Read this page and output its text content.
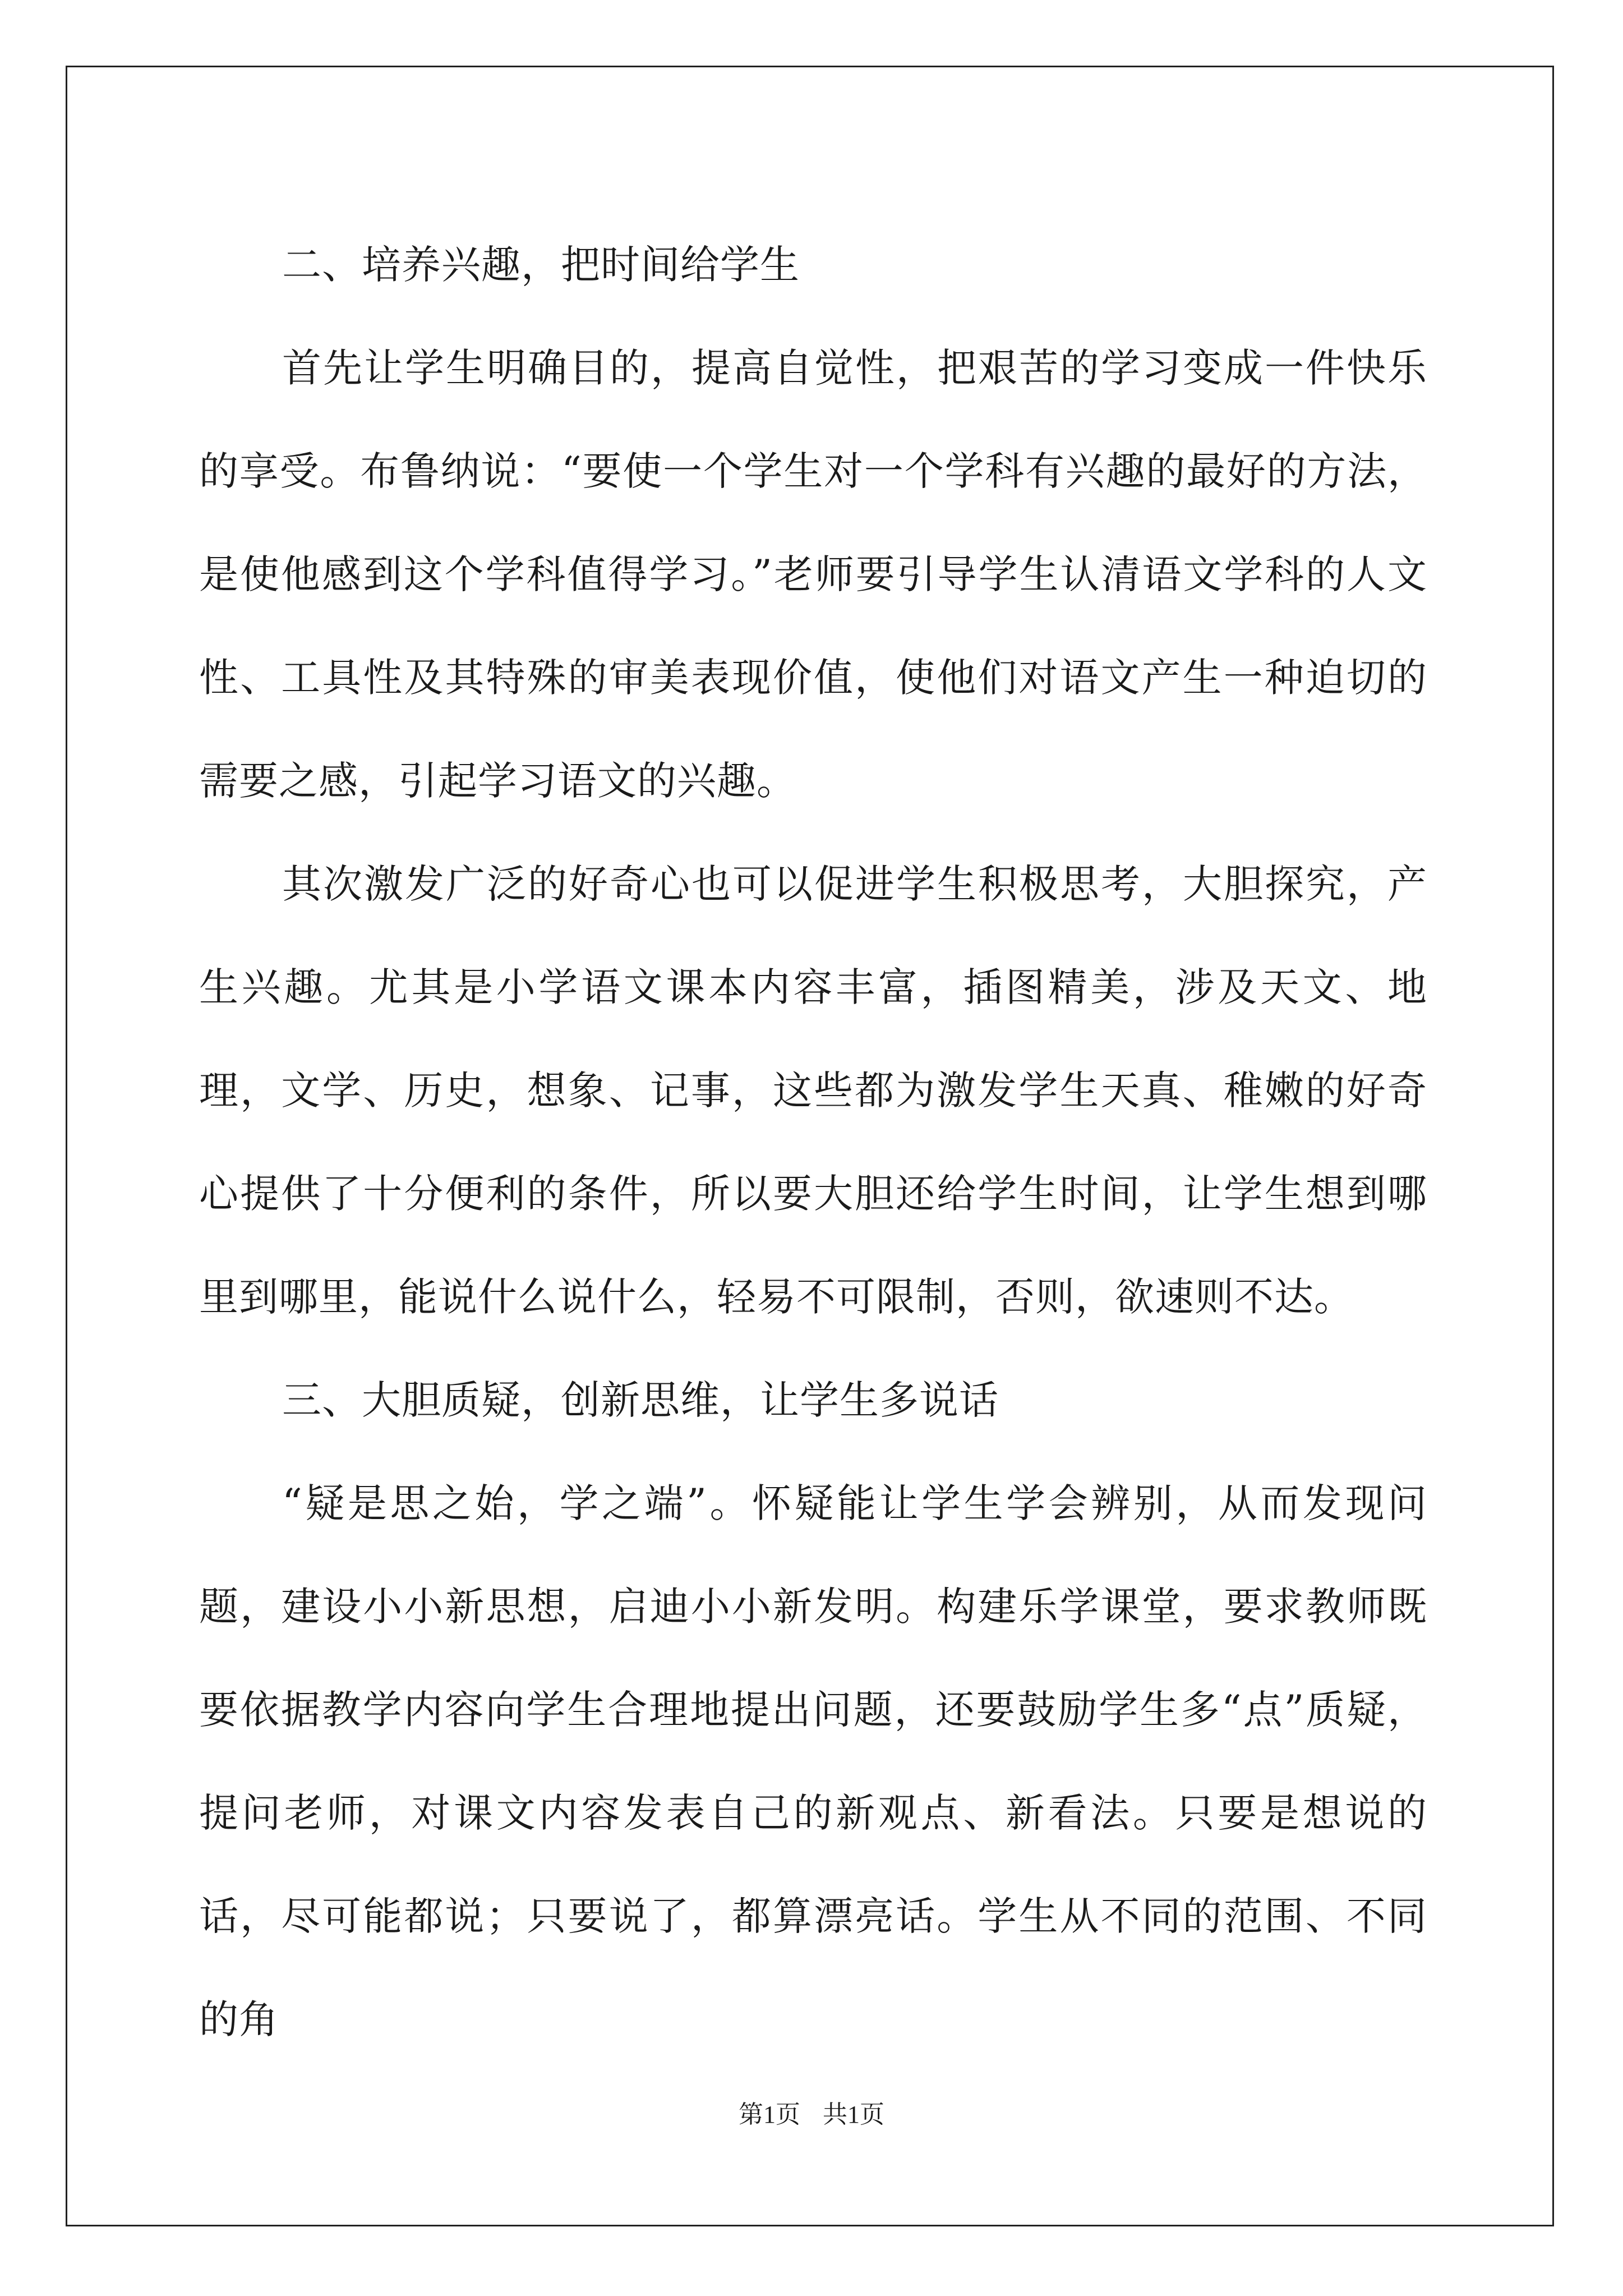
二、培养兴趣，把时间给学生

首先让学生明确目的，提高自觉性，把艰苦的学习变成一件快乐的享受。布鲁纳说：“要使一个学生对一个学科有兴趣的最好的方法，是使他感到这个学科值得学习。”老师要引导学生认清语文学科的人文性、工具性及其特殊的审美表现价值，使他们对语文产生一种迫切的需要之感，引起学习语文的兴趣。

其次激发广泛的好奇心也可以促进学生积极思考，大胆探究，产生兴趣。尤其是小学语文课本内容丰富，插图精美，涉及天文、地理，文学、历史，想象、记事，这些都为激发学生天真、稚嫩的好奇心提供了十分便利的条件，所以要大胆还给学生时间，让学生想到哪里到哪里，能说什么说什么，轻易不可限制，否则，欲速则不达。

三、大胆质疑，创新思维，让学生多说话

“疑是思之始，学之端”。怀疑能让学生学会辨别，从而发现问题，建设小小新思想，启迪小小新发明。构建乐学课堂，要求教师既要依据教学内容向学生合理地提出问题，还要鼓励学生多“点”质疑，提问老师，对课文内容发表自己的新观点、新看法。只要是想说的话，尽可能都说；只要说了，都算漂亮话。学生从不同的范围、不同的角

第1页 共1页
